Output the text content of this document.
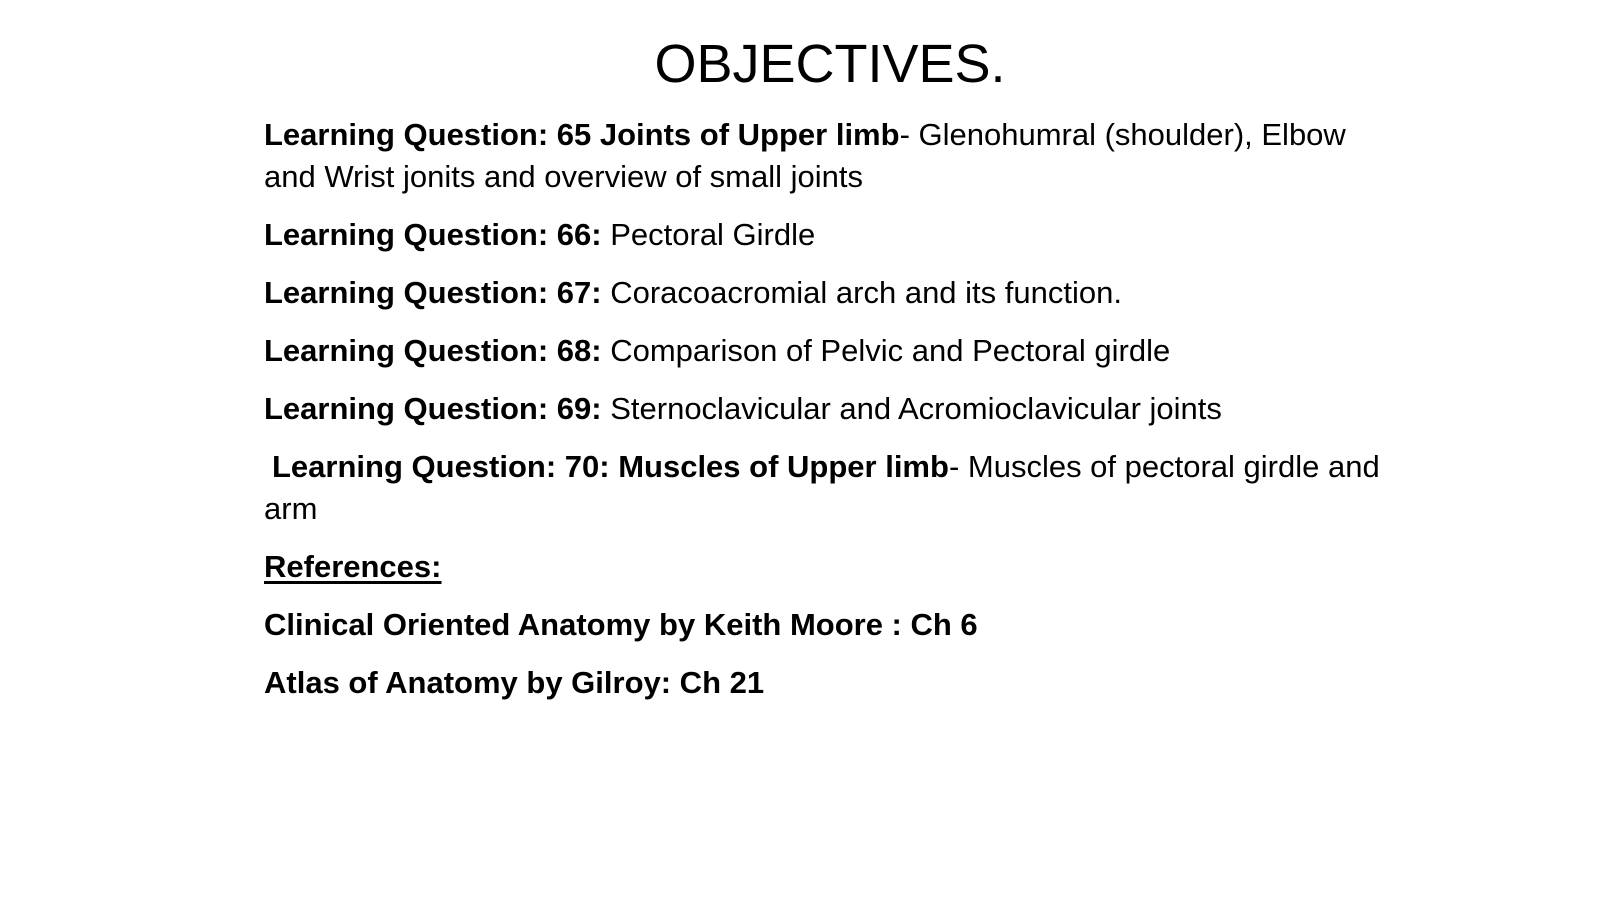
OBJECTIVES.

Learning Question: 65 Joints of Upper limb- Glenohumral (shoulder), Elbow and Wrist jonits and overview of small joints

Learning Question: 66: Pectoral Girdle

Learning Question: 67: Coracoacromial arch and its function.

Learning Question: 68: Comparison of Pelvic and Pectoral girdle

Learning Question: 69: Sternoclavicular and Acromioclavicular joints

Learning Question: 70: Muscles of Upper limb- Muscles of pectoral girdle and arm

References:

Clinical Oriented Anatomy by Keith Moore : Ch 6

Atlas of Anatomy by Gilroy: Ch 21
